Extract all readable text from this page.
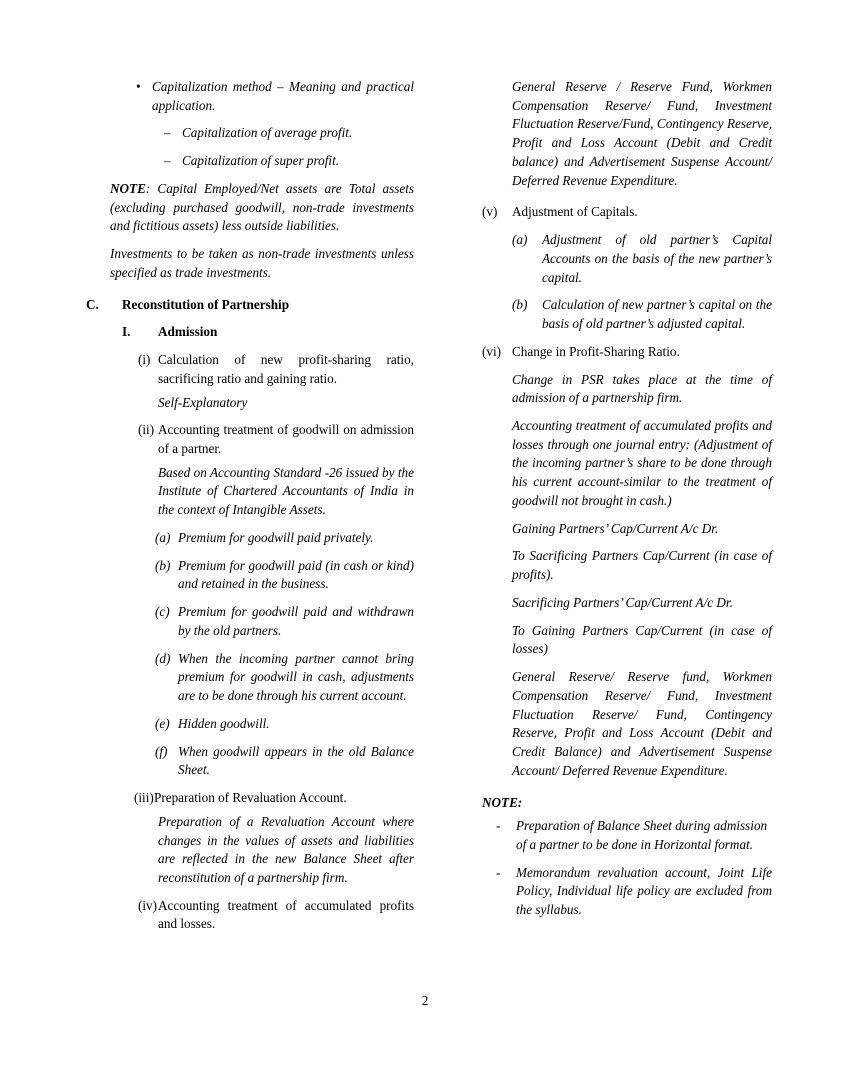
• Capitalization method – Meaning and practical application.
– Capitalization of average profit.
– Capitalization of super profit.
NOTE: Capital Employed/Net assets are Total assets (excluding purchased goodwill, non-trade investments and fictitious assets) less outside liabilities.
Investments to be taken as non-trade investments unless specified as trade investments.
C.	Reconstitution of Partnership
I.	Admission
(i) Calculation of new profit-sharing ratio, sacrificing ratio and gaining ratio.
Self-Explanatory
(ii) Accounting treatment of goodwill on admission of a partner.
Based on Accounting Standard -26 issued by the Institute of Chartered Accountants of India in the context of Intangible Assets.
(a) Premium for goodwill paid privately.
(b) Premium for goodwill paid (in cash or kind) and retained in the business.
(c) Premium for goodwill paid and withdrawn by the old partners.
(d) When the incoming partner cannot bring premium for goodwill in cash, adjustments are to be done through his current account.
(e) Hidden goodwill.
(f) When goodwill appears in the old Balance Sheet.
(iii) Preparation of Revaluation Account.
Preparation of a Revaluation Account where changes in the values of assets and liabilities are reflected in the new Balance Sheet after reconstitution of a partnership firm.
(iv) Accounting treatment of accumulated profits and losses.
General Reserve / Reserve Fund, Workmen Compensation Reserve/ Fund, Investment Fluctuation Reserve/Fund, Contingency Reserve, Profit and Loss Account (Debit and Credit balance) and Advertisement Suspense Account/ Deferred Revenue Expenditure.
(v) Adjustment of Capitals.
(a) Adjustment of old partner’s Capital Accounts on the basis of the new partner’s capital.
(b) Calculation of new partner’s capital on the basis of old partner’s adjusted capital.
(vi) Change in Profit-Sharing Ratio.
Change in PSR takes place at the time of admission of a partnership firm.
Accounting treatment of accumulated profits and losses through one journal entry: (Adjustment of the incoming partner’s share to be done through his current account-similar to the treatment of goodwill not brought in cash.)
Gaining Partners’ Cap/Current A/c Dr.
To Sacrificing Partners Cap/Current (in case of profits).
Sacrificing Partners’ Cap/Current A/c Dr.
To Gaining Partners Cap/Current (in case of losses)
General Reserve/ Reserve fund, Workmen Compensation Reserve/ Fund, Investment Fluctuation Reserve/ Fund, Contingency Reserve, Profit and Loss Account (Debit and Credit Balance) and Advertisement Suspense Account/ Deferred Revenue Expenditure.
NOTE:
- Preparation of Balance Sheet during admission of a partner to be done in Horizontal format.
- Memorandum revaluation account, Joint Life Policy, Individual life policy are excluded from the syllabus.
2
